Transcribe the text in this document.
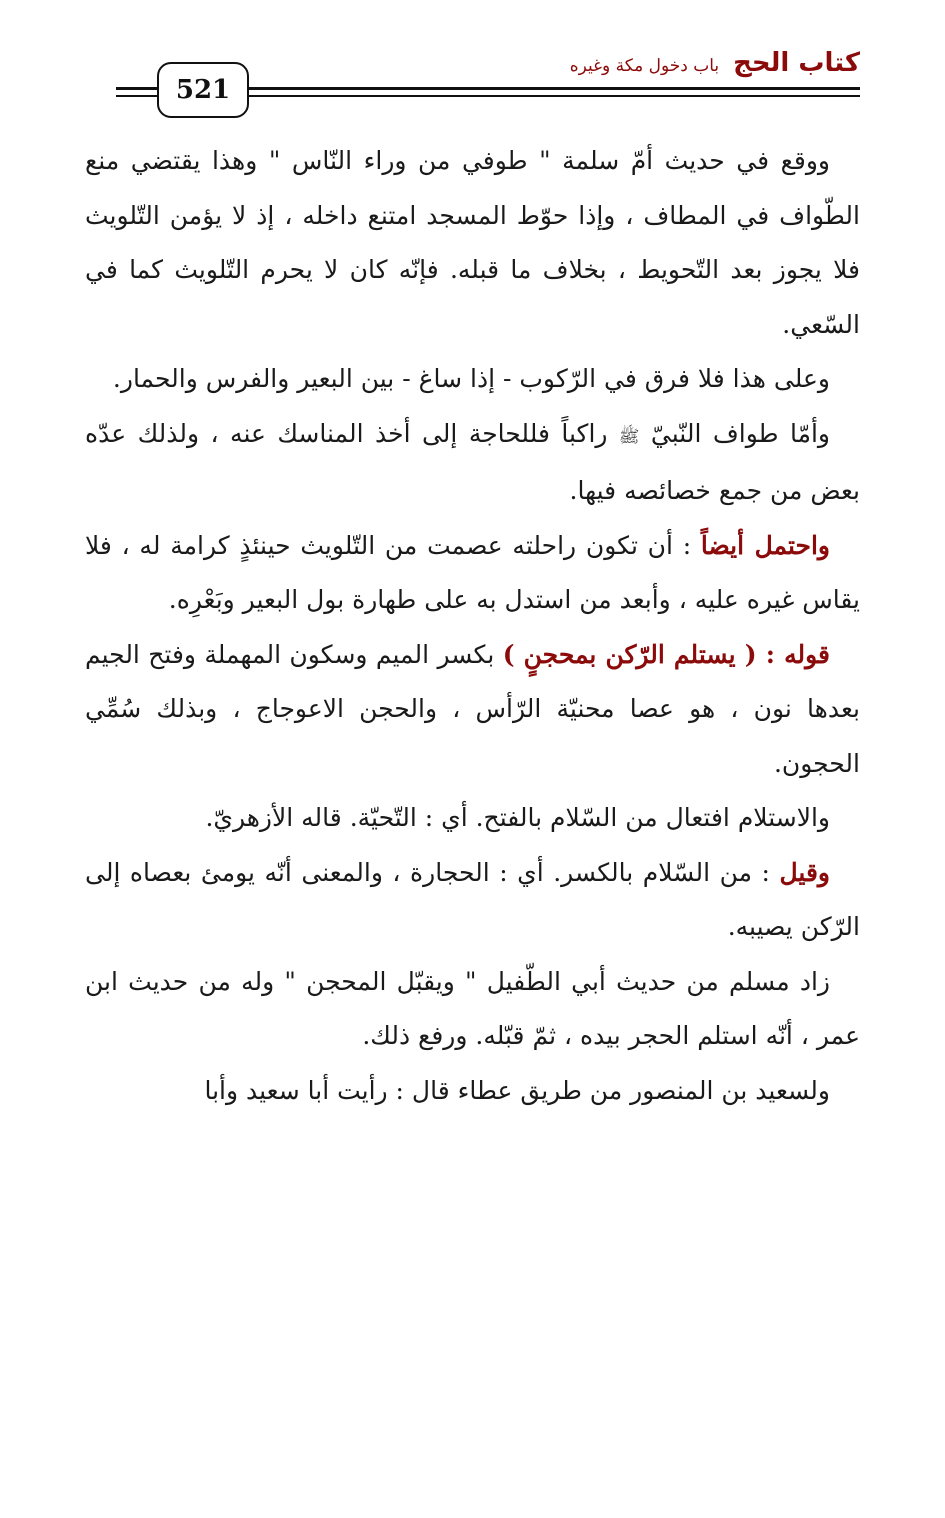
521
كتاب الحج
باب دخول مكة وغيره

ووقع في حديث أمّ سلمة " طوفي من وراء النّاس " وهذا يقتضي منع الطّواف في المطاف ، وإذا حوّط المسجد امتنع داخله ، إذ لا يؤمن التّلويث فلا يجوز بعد التّحويط ، بخلاف ما قبله. فإنّه كان لا يحرم التّلويث كما في السّعي.

وعلى هذا فلا فرق في الرّكوب - إذا ساغ - بين البعير والفرس والحمار.

وأمّا طواف النّبيّ ﷺ راكباً فللحاجة إلى أخذ المناسك عنه ، ولذلك عدّه بعض من جمع خصائصه فيها.

واحتمل أيضاً : أن تكون راحلته عصمت من التّلويث حينئذٍ كرامة له ، فلا يقاس غيره عليه ، وأبعد من استدل به على طهارة بول البعير وبَعْرِه.

قوله : ( يستلم الرّكن بمحجنٍ ) بكسر الميم وسكون المهملة وفتح الجيم بعدها نون ، هو عصا محنيّة الرّأس ، والحجن الاعوجاج ، وبذلك سُمِّي الحجون.

والاستلام افتعال من السّلام بالفتح. أي : التّحيّة. قاله الأزهريّ.

وقيل : من السّلام بالكسر. أي : الحجارة ، والمعنى أنّه يومئ بعصاه إلى الرّكن يصيبه.

زاد مسلم من حديث أبي الطّفيل " ويقبّل المحجن " وله من حديث ابن عمر ، أنّه استلم الحجر بيده ، ثمّ قبّله. ورفع ذلك.

ولسعيد بن المنصور من طريق عطاء قال : رأيت أبا سعيد وأبا
